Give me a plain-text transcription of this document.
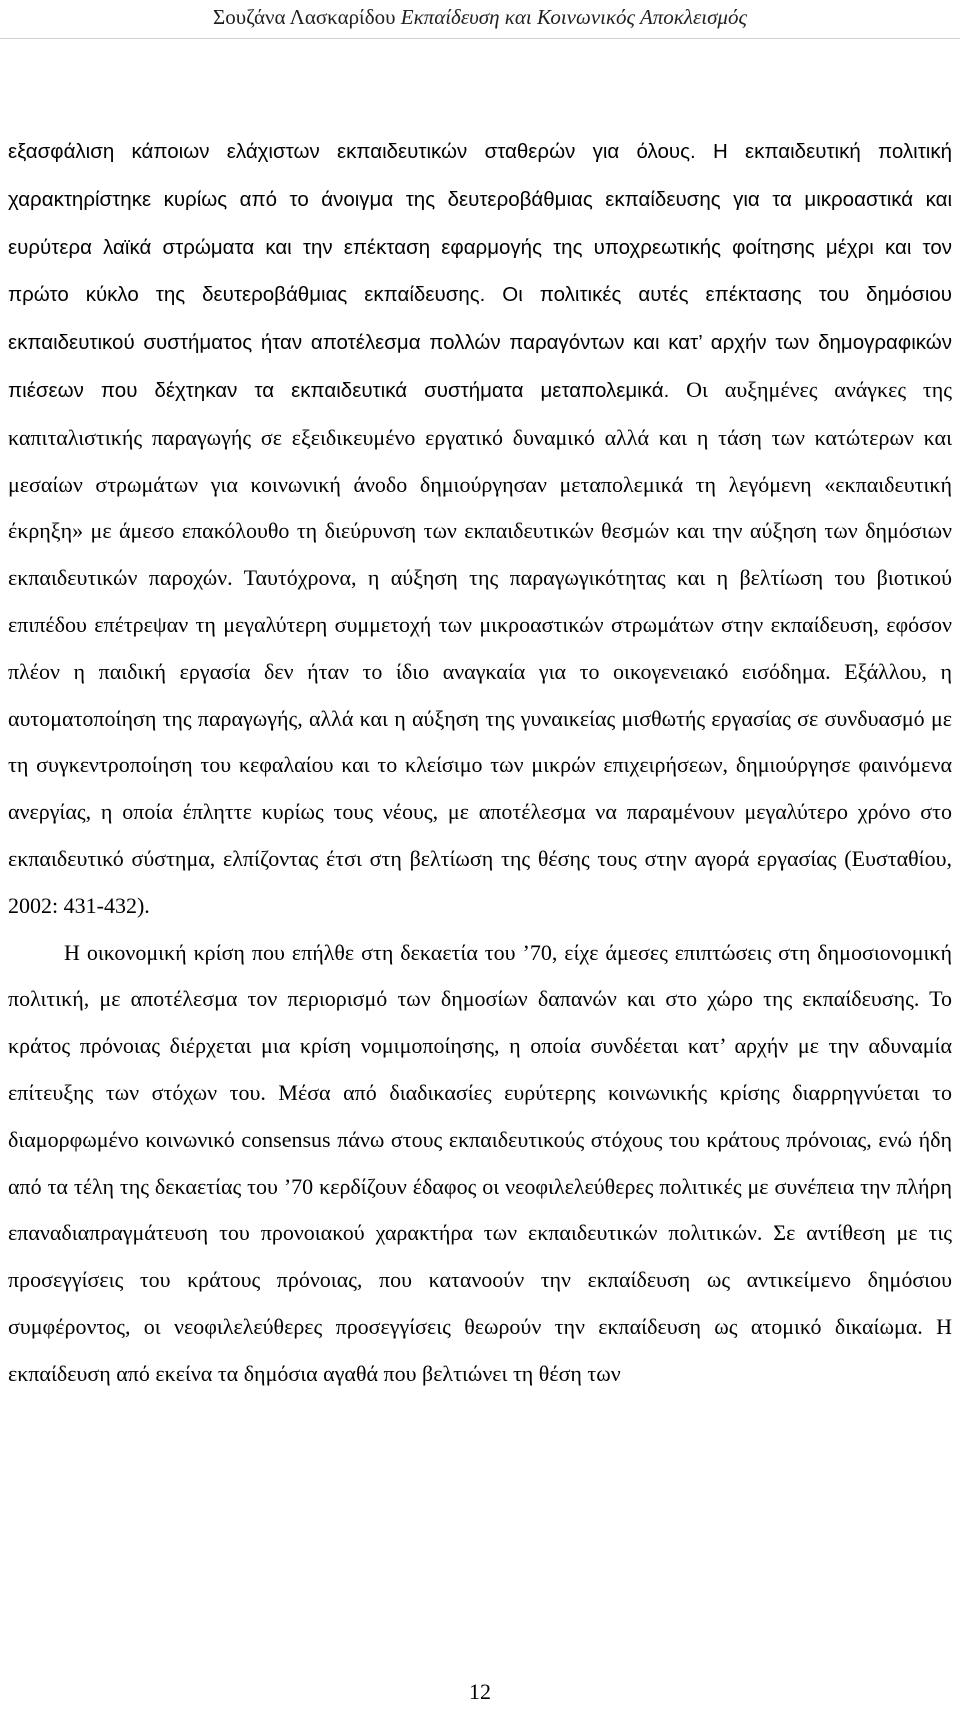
Σουζάνα Λασκαρίδου Εκπαίδευση και Κοινωνικός Αποκλεισμός

εξασφάλιση κάποιων ελάχιστων εκπαιδευτικών σταθερών για όλους. Η εκπαιδευτική πολιτική χαρακτηρίστηκε κυρίως από το άνοιγμα της δευτεροβάθμιας εκπαίδευσης για τα μικροαστικά και ευρύτερα λαϊκά στρώματα και την επέκταση εφαρμογής της υποχρεωτικής φοίτησης μέχρι και τον πρώτο κύκλο της δευτεροβάθμιας εκπαίδευσης. Οι πολιτικές αυτές επέκτασης του δημόσιου εκπαιδευτικού συστήματος ήταν αποτέλεσμα πολλών παραγόντων και κατ’ αρχήν των δημογραφικών πιέσεων που δέχτηκαν τα εκπαιδευτικά συστήματα μεταπολεμικά. Οι αυξημένες ανάγκες της καπιταλιστικής παραγωγής σε εξειδικευμένο εργατικό δυναμικό αλλά και η τάση των κατώτερων και μεσαίων στρωμάτων για κοινωνική άνοδο δημιούργησαν μεταπολεμικά τη λεγόμενη «εκπαιδευτική έκρηξη» με άμεσο επακόλουθο τη διεύρυνση των εκπαιδευτικών θεσμών και την αύξηση των δημόσιων εκπαιδευτικών παροχών. Ταυτόχρονα, η αύξηση της παραγωγικότητας και η βελτίωση του βιοτικού επιπέδου επέτρεψαν τη μεγαλύτερη συμμετοχή των μικροαστικών στρωμάτων στην εκπαίδευση, εφόσον πλέον η παιδική εργασία δεν ήταν το ίδιο αναγκαία για το οικογενειακό εισόδημα. Εξάλλου, η αυτοματοποίηση της παραγωγής, αλλά και η αύξηση της γυναικείας μισθωτής εργασίας σε συνδυασμό με τη συγκεντροποίηση του κεφαλαίου και το κλείσιμο των μικρών επιχειρήσεων, δημιούργησε φαινόμενα ανεργίας, η οποία έπληττε κυρίως τους νέους, με αποτέλεσμα να παραμένουν μεγαλύτερο χρόνο στο εκπαιδευτικό σύστημα, ελπίζοντας έτσι στη βελτίωση της θέσης τους στην αγορά εργασίας (Ευσταθίου, 2002: 431-432).

Η οικονομική κρίση που επήλθε στη δεκαετία του ’70, είχε άμεσες επιπτώσεις στη δημοσιονομική πολιτική, με αποτέλεσμα τον περιορισμό των δημοσίων δαπανών και στο χώρο της εκπαίδευσης. Το κράτος πρόνοιας διέρχεται μια κρίση νομιμοποίησης, η οποία συνδέεται κατ’ αρχήν με την αδυναμία επίτευξης των στόχων του. Μέσα από διαδικασίες ευρύτερης κοινωνικής κρίσης διαρρηγνύεται το διαμορφωμένο κοινωνικό consensus πάνω στους εκπαιδευτικούς στόχους του κράτους πρόνοιας, ενώ ήδη από τα τέλη της δεκαετίας του ’70 κερδίζουν έδαφος οι νεοφιλελεύθερες πολιτικές με συνέπεια την πλήρη επαναδιαπραγμάτευση του προνοιακού χαρακτήρα των εκπαιδευτικών πολιτικών. Σε αντίθεση με τις προσεγγίσεις του κράτους πρόνοιας, που κατανοούν την εκπαίδευση ως αντικείμενο δημόσιου συμφέροντος, οι νεοφιλελεύθερες προσεγγίσεις θεωρούν την εκπαίδευση ως ατομικό δικαίωμα. Η εκπαίδευση από εκείνα τα δημόσια αγαθά που βελτιώνει τη θέση των

12
